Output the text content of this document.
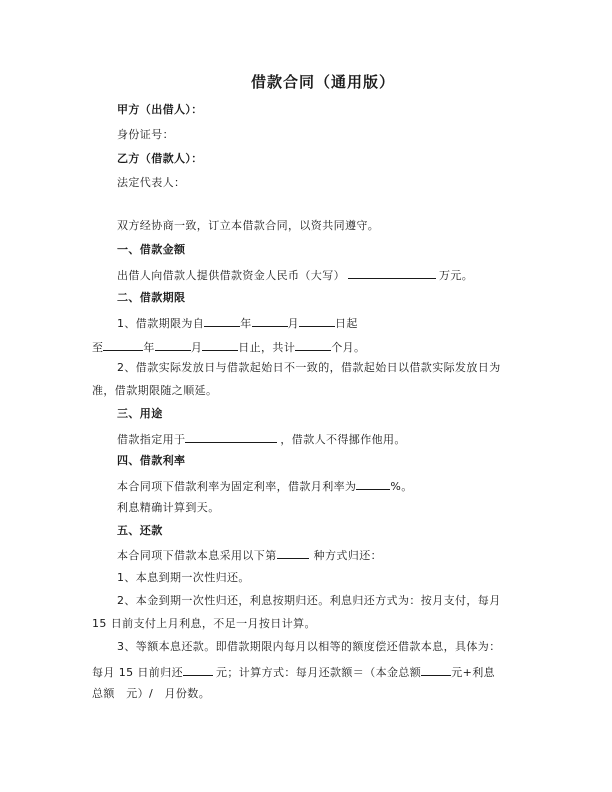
借款合同（通用版）
甲方（出借人）：
身份证号：
乙方（借款人）：
法定代表人：
双方经协商一致，订立本借款合同，以资共同遵守。
一、借款金额
出借人向借款人提供借款资金人民币（大写）	万元。
二、借款期限
1、借款期限为自	年	月	日起
至	年	月	日止，共计	个月。
2、借款实际发放日与借款起始日不一致的，借款起始日以借款实际发放日为
准，借款期限随之顺延。
三、用途
借款指定用于	，借款人不得挪作他用。
四、借款利率
本合同项下借款利率为固定利率，借款月利率为	%。
利息精确计算到天。
五、还款
本合同项下借款本息采用以下第	种方式归还：
1、本息到期一次性归还。
2、本金到期一次性归还，利息按期归还。利息归还方式为：按月支付，每月
15 日前支付上月利息，不足一月按日计算。
3、等额本息还款。即借款期限内每月以相等的额度偿还借款本息，具体为：
每月 15 日前归还	元；计算方式：每月还款额＝（本金总额	元+利息
总额　元）/　月份数。
